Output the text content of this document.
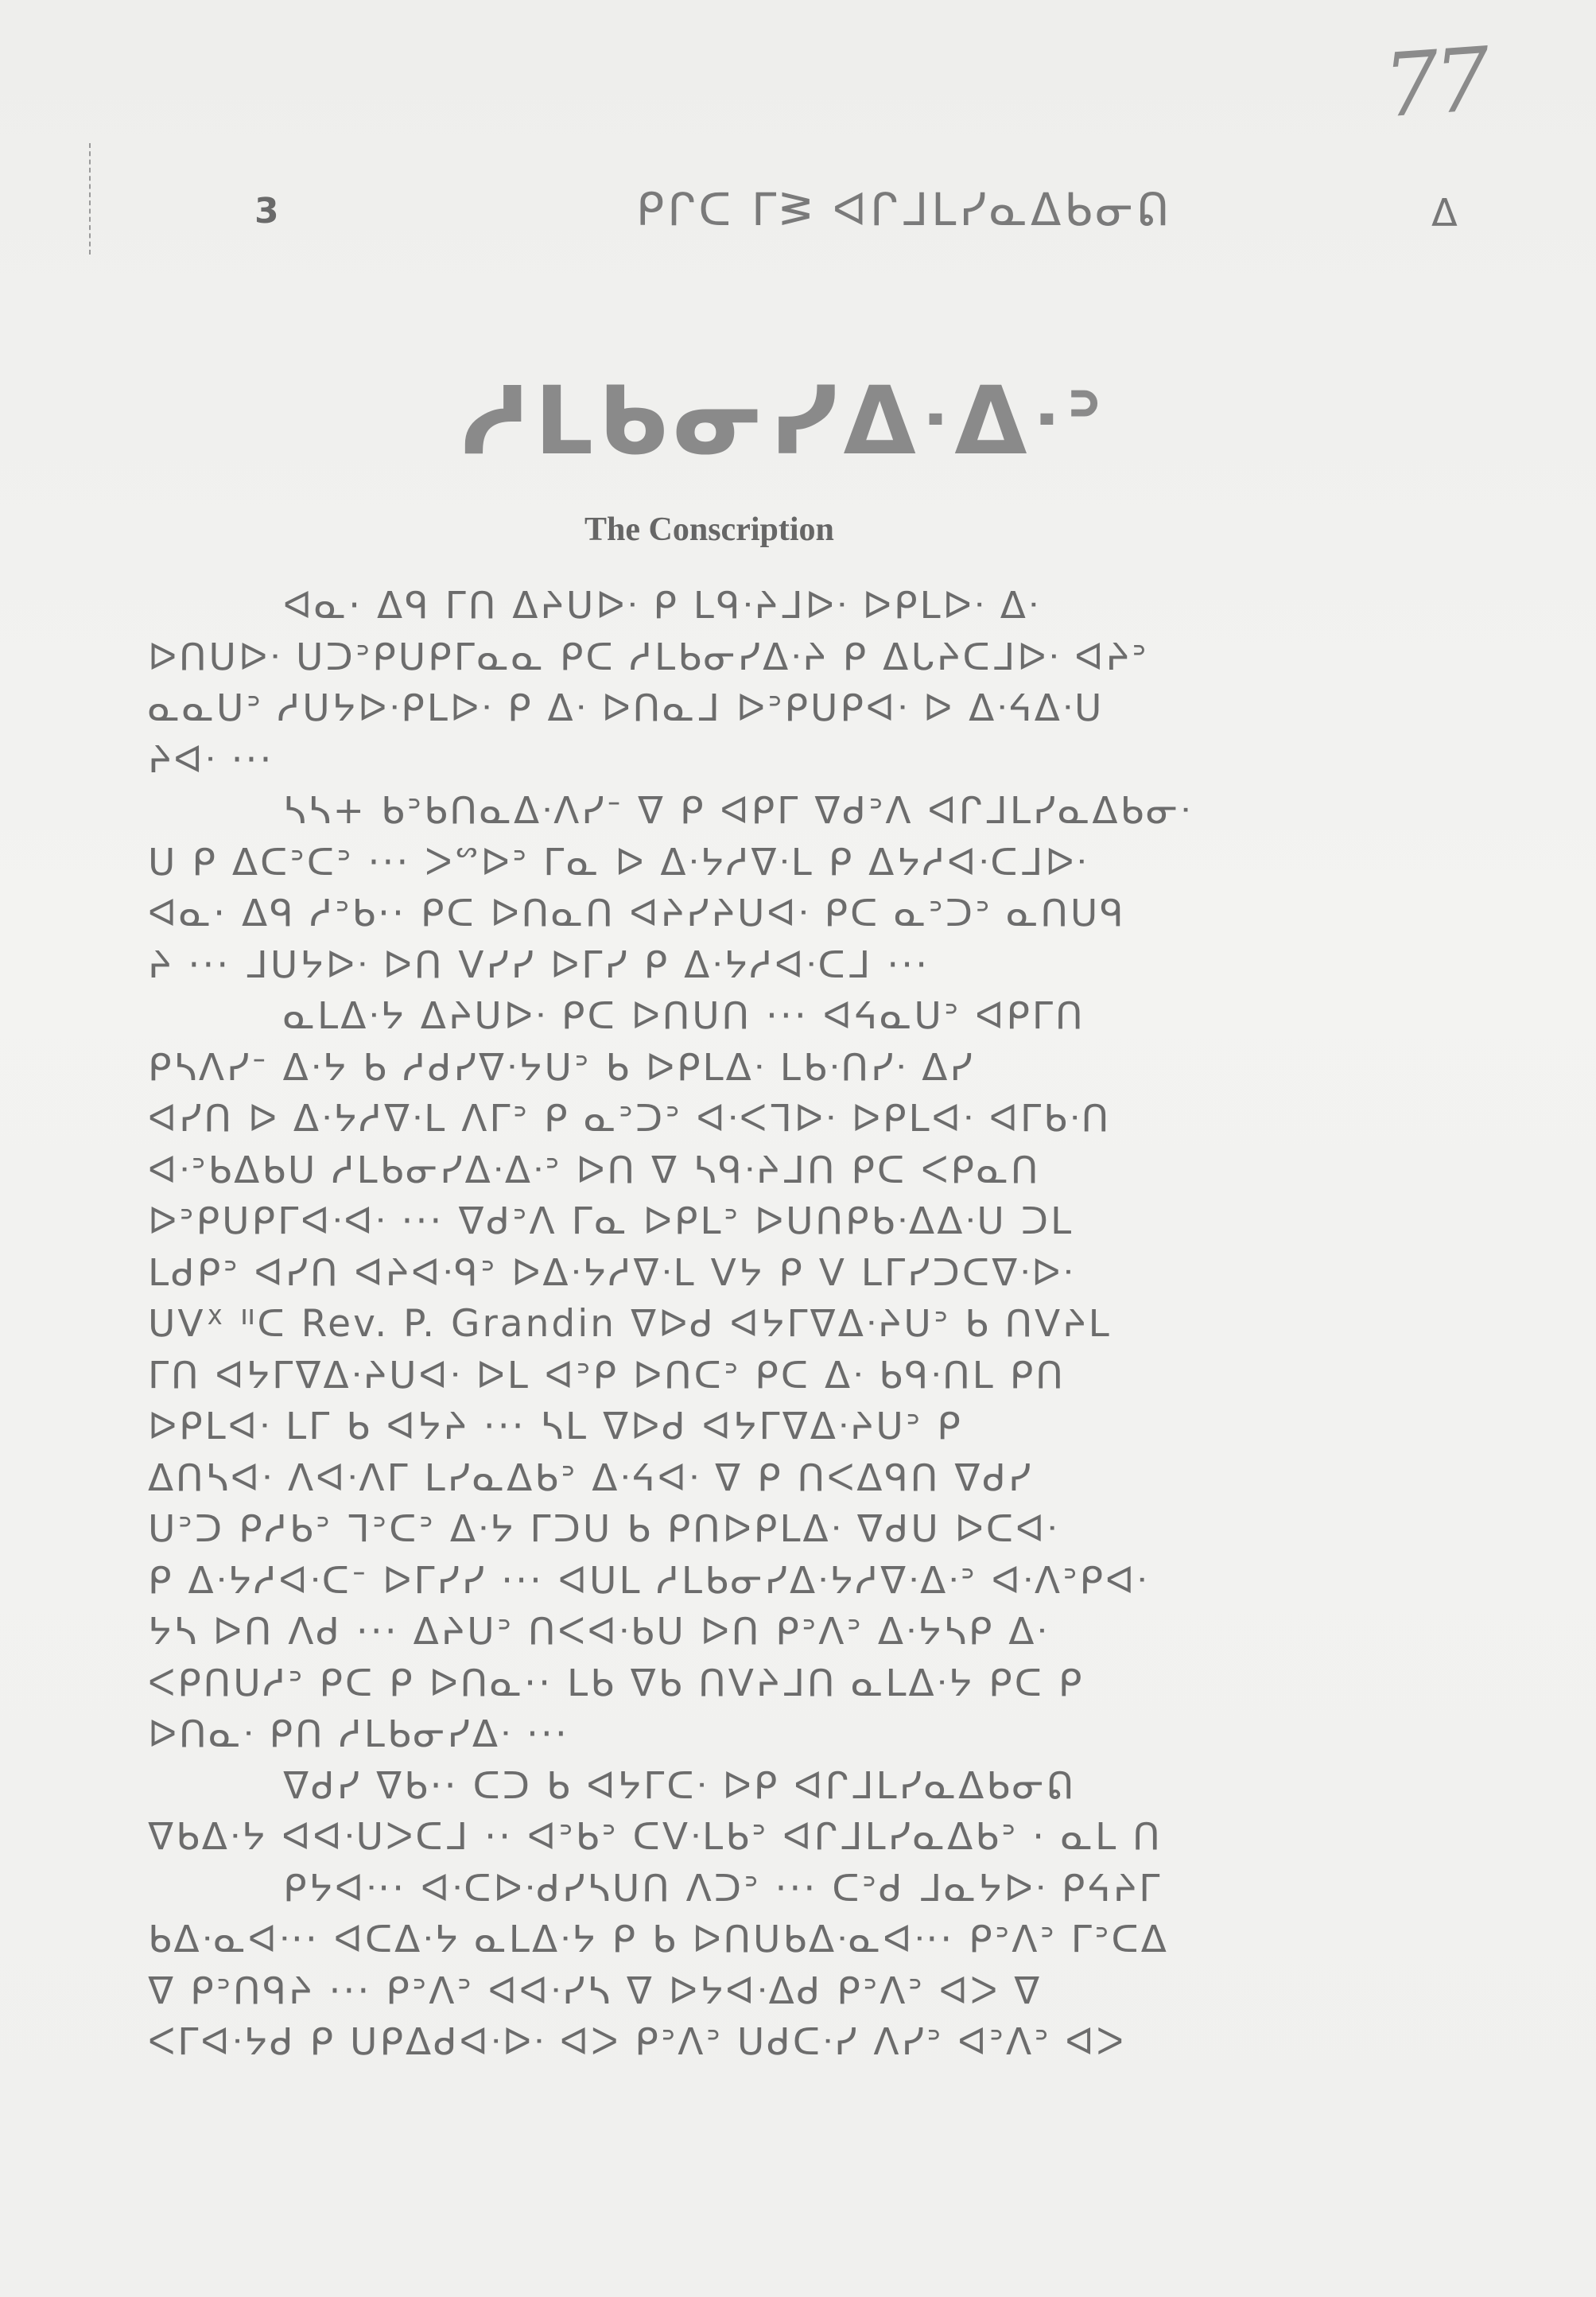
77
3	ᑭᒋᑕ ᒥᕒ ᐊᒋᒧᒪᓯᓇᐃᑲᓂᕠ	ᐃ
ᓱᒪᑲᓂᓯᐃᐧᐃᐧᐣ
The Conscription
ᐊᓇ· ᐃᑫ ᒥᑎ ᐃᔨᑌᐅᐧ ᑭ ᒪᑫᐧᔨᒧᐅᐧ ᐅᑭᒪᐅᐧ ᐃᐧ
ᐅᑎᑌᐅᐧ ᑌᑐᐣᑭᑌᑭᒥᓇᓇ ᑭᑕ ᓱᒪᑲᓂᓯᐃᐧᔨ ᑭ ᐃᒐᔨᑕᒧᐅᐧ ᐊᔨᐣ
ᓇᓇᑌᐣ ᓱᑌᔭᐅᐧᑭᒪᐅᐧ ᑭ ᐃᐧ ᐅᑎᓇᒧ ᐅᐣᑭᑌᑭᐊᐧ ᐅ ᐃᐧᔦᐃᐧᑌ
ᔨᐊᐧ ···
ᓴᓴ+ ᑲᐣᑲᑎᓇᐃᐧᐱᓯᐨ ᐁ ᑭ ᐊᑭᒥ ᐁᑯᐣᐱ ᐊᒋᒧᒪᓯᓇᐃᑲᓂᐧ
ᑌ ᑭ ᐃᑕᐣᑕᐣ ··· ᐳᔥᐅᐣ ᒥᓇ ᐅ ᐃᐧᔭᓱᐁᐧᒪ ᑭ ᐃᔭᓱᐊᐧᑕᒧᐅᐧ
ᐊᓇ· ᐃᑫ ᓱᐣᑲ·· ᑭᑕ ᐅᑎᓇᑎ ᐊᔨᓯᔨᑌᐊᐧ ᑭᑕ ᓇᐣᑐᐣ ᓇᑎᑌᑫ
ᔨ ··· ᒧᑌᔭᐅᐧ ᐅᑎ ᐯᓯᓯ ᐅᒥᓯ ᑭ ᐃᐧᔭᓱᐊᐧᑕᒧ ···
ᓇᒪᐃᐧᔭ ᐃᔨᑌᐅᐧ ᑭᑕ ᐅᑎᑌᑎ ··· ᐊᔦᓇᑌᐣ ᐊᑭᒥᑎ
ᑭᓴᐱᓯᐨ ᐃᐧᔭ ᑲ ᓱᑯᓯᐁᐧᔭᑌᐣ ᑲ ᐅᑭᒪᐃᐧ ᒪᑲᐧᑎᓯᐧ ᐃᓯ
ᐊᓯᑎ ᐅ ᐃᐧᔭᓱᐁᐧᒪ ᐱᒥᐣ ᑭ ᓇᐣᑐᐣ ᐊᐧᐸᒣᐅᐧ ᐅᑭᒪᐊᐧ ᐊᒥᑲᐧᑎ
ᐊᐧᐣᑲᐃᑲᑌ ᓱᒪᑲᓂᓯᐃᐧᐃᐧᐣ ᐅᑎ ᐁ ᓴᑫᐧᔨᒧᑎ ᑭᑕ ᐸᑭᓇᑎ
ᐅᐣᑭᑌᑭᒥᐊᐧᐊᐧ ··· ᐁᑯᐣᐱ ᒥᓇ ᐅᑭᒪᐣ ᐅᑌᑎᑭᑲᐧᐃᐃᐧᑌ ᑐᒪ
ᒪᑯᑭᐣ ᐊᓯᑎ ᐊᔨᐊᐧᑫᐣ ᐅᐃᐧᔭᓱᐁᐧᒪ ᐯᔭ ᑭ ᐯ ᒪᒥᓯᑐᑕᐁᐧᐅᐧ
ᑌᐯᕽ ᐦᑕ Rev. P. Grandin ᐁᐅᑯ ᐊᔭᒥᐁᐃᐧᔨᑌᐣ ᑲ ᑎᐯᔨᒪ
ᒥᑎ ᐊᔭᒥᐁᐃᐧᔨᑌᐊᐧ ᐅᒪ ᐊᐣᑭ ᐅᑎᑕᐣ ᑭᑕ ᐃᐧ ᑲᑫᐧᑎᒪ ᑭᑎ
ᐅᑭᒪᐊᐧ ᒪᒥ ᑲ ᐊᔭᔨ ··· ᓴᒪ ᐁᐅᑯ ᐊᔭᒥᐁᐃᐧᔨᑌᐣ ᑭ
ᐃᑎᓴᐊᐧ ᐱᐊᐧᐱᒥ ᒪᓯᓇᐃᑲᐣ ᐃᐧᔦᐊᐧ ᐁ ᑭ ᑎᐸᐃᑫᑎ ᐁᑯᓯ
ᑌᐣᑐ ᑭᓱᑲᐣ ᒣᐣᑕᐣ ᐃᐧᔭ ᒥᑐᑌ ᑲ ᑭᑎᐅᑭᒪᐃᐧ ᐁᑯᑌ ᐅᑕᐊᐧ
ᑭ ᐃᐧᔭᓱᐊᐧᑕᐨ ᐅᒥᓯᓯ ··· ᐊᑌᒪ ᓱᒪᑲᓂᓯᐃᐧᔭᓱᐁᐧᐃᐧᐣ ᐊᐧᐱᐣᑭᐊᐧ
ᔭᓴ ᐅᑎ ᐱᑯ ··· ᐃᔨᑌᐣ ᑎᐸᐊᐧᑲᑌ ᐅᑎ ᑭᐣᐱᐣ ᐃᐧᔭᓴᑭ ᐃᐧ
ᐸᑭᑎᑌᓱᐣ ᑭᑕ ᑭ ᐅᑎᓇ·· ᒪᑲ ᐁᑲ ᑎᐯᔨᒧᑎ ᓇᒪᐃᐧᔭ ᑭᑕ ᑭ
ᐅᑎᓇᐧ ᑭᑎ ᓱᒪᑲᓂᓯᐃᐧ ···
ᐁᑯᓯ ᐁᑲ·· ᑕᑐ ᑲ ᐊᔭᒥᑕᐧ ᐅᑭ ᐊᒋᒧᒪᓯᓇᐃᑲᓂᕠ
ᐁᑲᐃᐧᔭ ᐊᐊᐧᑌᐳᑕᒧ ·· ᐊᐣᑲᐣ ᑕᐯᐧᒪᑲᐣ ᐊᒋᒧᒪᓯᓇᐃᑲᐣ · ᓇᒪ ᑎ
ᑭᔭᐊᐧ·· ᐊᐧᑕᐅᐧᑯᓯᓴᑌᑎ ᐱᑐᐣ ··· ᑕᐣᑯ ᒧᓇᔭᐅᐧ ᑭᔦᔨᒥ
ᑲᐃᐧᓇᐊᐧ·· ᐊᑕᐃᐧᔭ ᓇᒪᐃᐧᔭ ᑭ ᑲ ᐅᑎᑌᑲᐃᐧᓇᐊᐧ·· ᑭᐣᐱᐣ ᒥᐣᑕᐃ
ᐁ ᑭᐣᑎᑫᔨ ··· ᑭᐣᐱᐣ ᐊᐊᐧᓯᓴ ᐁ ᐅᔭᐊᐧᐃᑯ ᑭᐣᐱᐣ ᐊᐳ ᐁ
ᐸᒥᐊᐧᔭᑯ ᑭ ᑌᑭᐃᑯᐊᐧᐅᐧ ᐊᐳ ᑭᐣᐱᐣ ᑌᑯᑕᐧᓯ ᐱᓯᐣ ᐊᐣᐱᐣ ᐊᐳ
